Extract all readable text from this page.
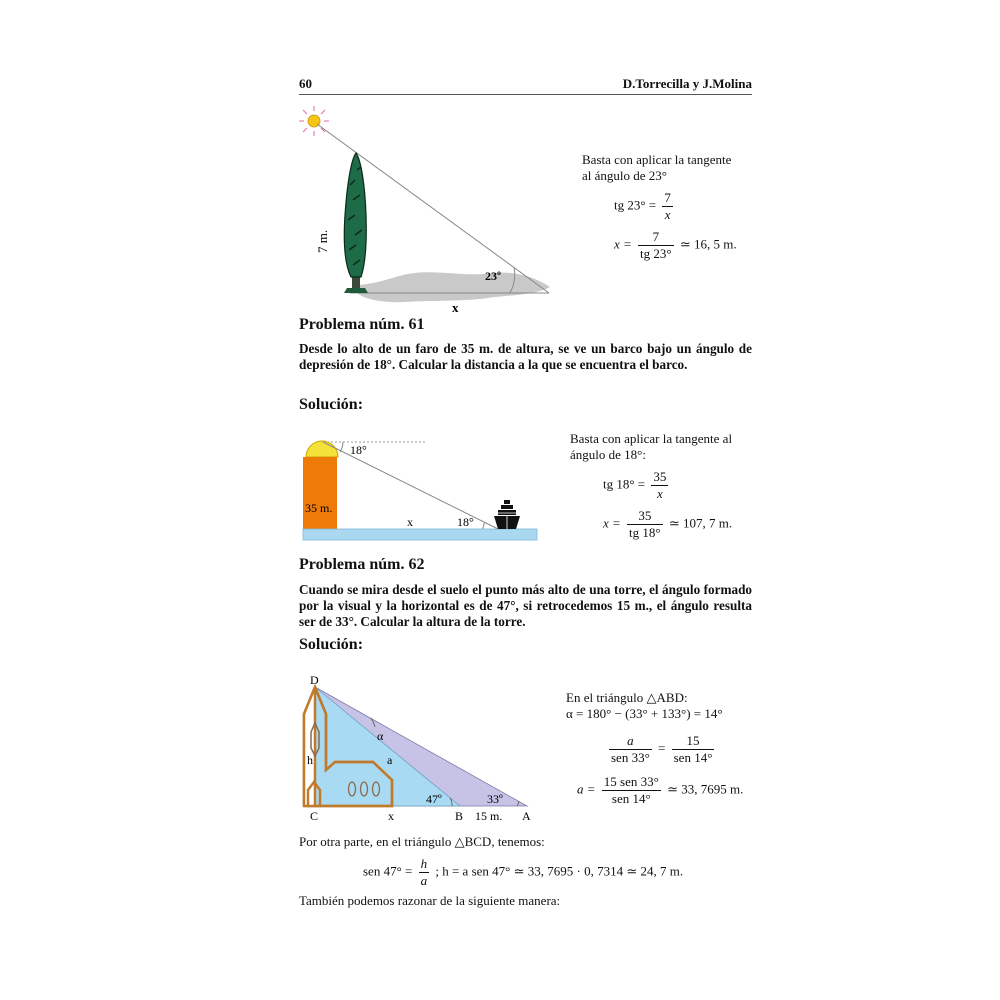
60	D.Torrecilla y J.Molina
7 m.
23º
x
Basta con aplicar la tangente
al ángulo de 23°
tg $23^\circ = \frac{7}{x}$
$x = \frac{7}{tg 23^\circ}$ ≃ 16, 5 m.
Problema núm. 61
Desde lo alto de un faro de 35 m. de altura, se ve un barco bajo un ángulo de depresión de 18°. Calcular la distancia a la que se encuentra el barco.
Solución:
18°
18°
x
35 m.
Basta con aplicar la tangente al
ángulo de 18°:
tg $18^\circ = \frac{35}{x}$
$x = \frac{35}{tg 18^\circ}$ ≃ 107, 7 m.
Problema núm. 62
Cuando se mira desde el suelo el punto más alto de una torre, el ángulo formado por la visual y la horizontal es de 47°, si retrocedemos 15 m., el ángulo resulta ser de 33°. Calcular la altura de la torre.
Solución:
D
C	B	A
h	a
α
x
47º	33º
15 m.
En el triángulo △ABD:
α = 180° − (33° + 133°) = 14°
$\frac{a}{\text{sen 33°}} = \frac{15}{\text{sen 14°}}$
$a = \frac{\text{15 sen 33°}}{\text{sen 14°}}$ ≃ 33, 7695 m.
Por otra parte, en el triángulo △BCD, tenemos:
sen $47^\circ = \frac{h}{a}$ ; h = a sen 47° ≃ 33, 7695 · 0, 7314 ≃ 24, 7 m.
También podemos razonar de la siguiente manera:
